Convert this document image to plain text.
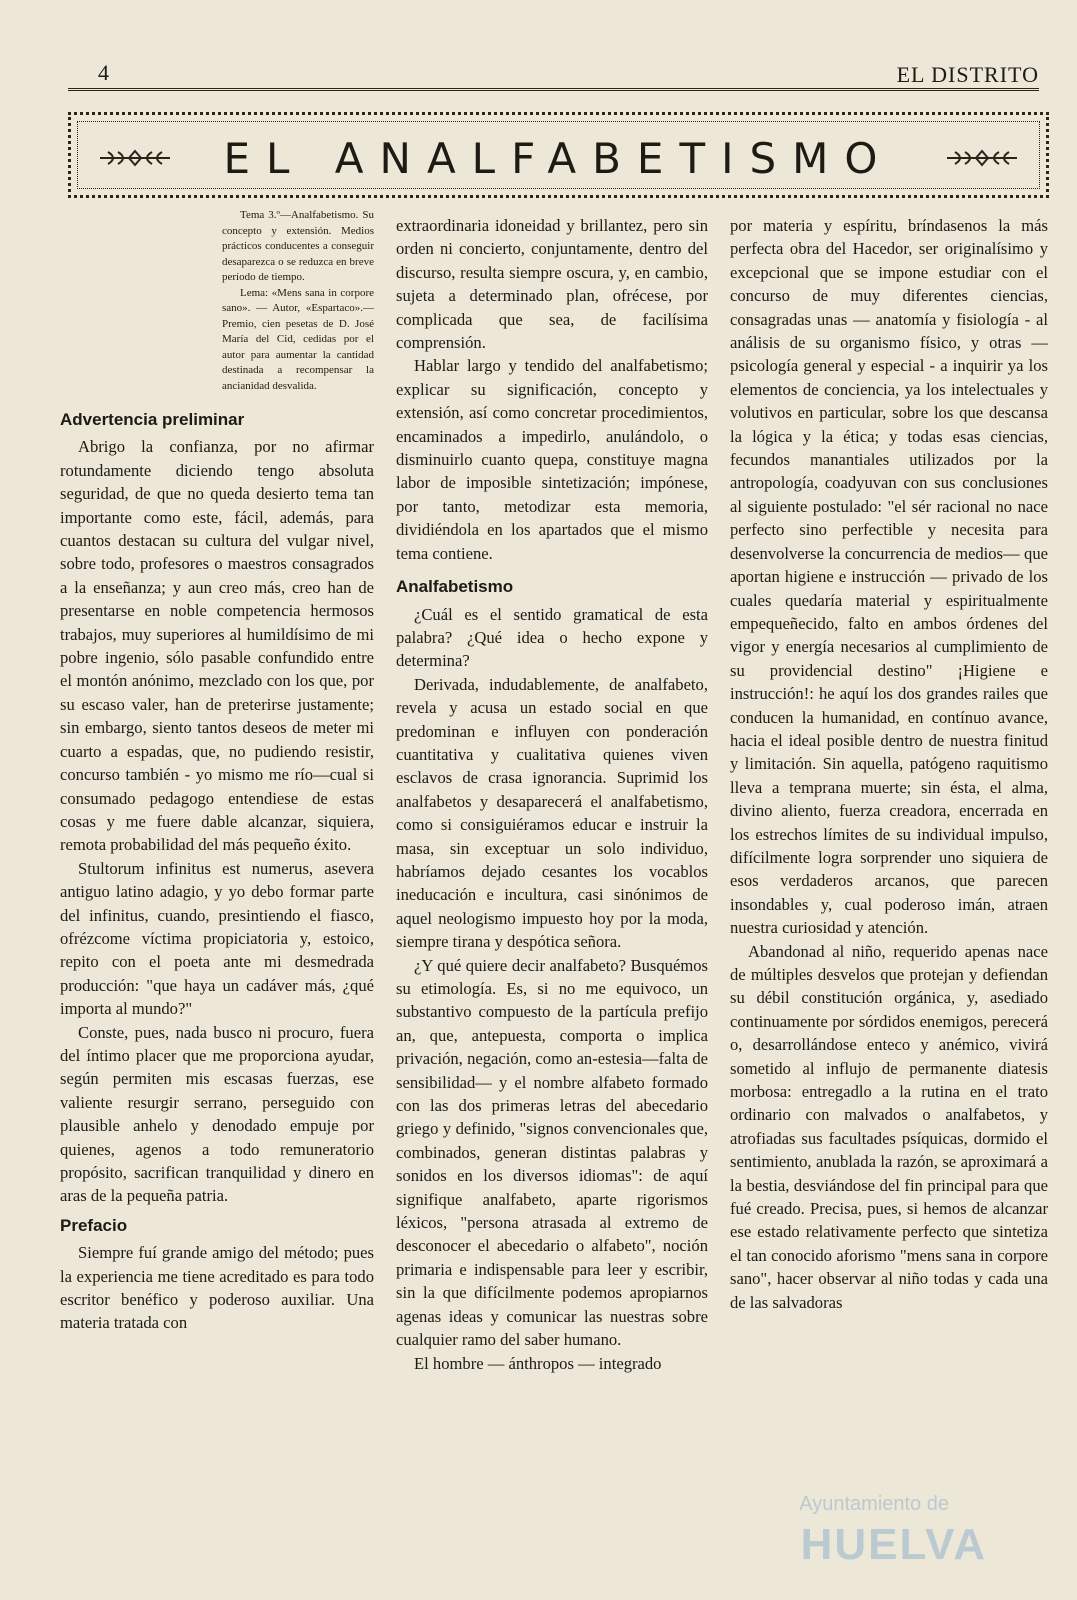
4	EL DISTRITO
EL ANALFABETISMO

Tema 3.º—Analfabetismo. Su concepto y extensión. Medios prácticos conducentes a conseguir desaparezca o se reduzca en breve período de tiempo.

Lema: «Mens sana in corpore sano». — Autor, «Espartaco».— Premio, cien pesetas de D. José María del Cid, cedidas por el autor para aumentar la cantidad destinada a recompensar la ancianidad desvalida.

Advertencia preliminar

Abrigo la confianza, por no afirmar rotundamente diciendo tengo absoluta seguridad, de que no queda desierto tema tan importante como este, fácil, además, para cuantos destacan su cultura del vulgar nivel, sobre todo, profesores o maestros consagrados a la enseñanza; y aun creo más, creo han de presentarse en noble competencia hermosos trabajos, muy superiores al humildísimo de mi pobre ingenio, sólo pasable confundido entre el montón anónimo, mezclado con los que, por su escaso valer, han de preterirse justamente; sin embargo, siento tantos deseos de meter mi cuarto a espadas, que, no pudiendo resistir, concurso también - yo mismo me río—cual si consumado pedagogo entendiese de estas cosas y me fuere dable alcanzar, siquiera, remota probabilidad del más pequeño éxito.

Stultorum infinitus est numerus, asevera antiguo latino adagio, y yo debo formar parte del infinitus, cuando, presintiendo el fiasco, ofrézcome víctima propiciatoria y, estoico, repito con el poeta ante mi desmedrada producción: "que haya un cadáver más, ¿qué importa al mundo?"

Conste, pues, nada busco ni procuro, fuera del íntimo placer que me proporciona ayudar, según permiten mis escasas fuerzas, ese valiente resurgir serrano, perseguido con plausible anhelo y denodado empuje por quienes, agenos a todo remuneratorio propósito, sacrifican tranquilidad y dinero en aras de la pequeña patria.

Prefacio

Siempre fuí grande amigo del método; pues la experiencia me tiene acreditado es para todo escritor benéfico y poderoso auxiliar. Una materia tratada con

extraordinaria idoneidad y brillantez, pero sin orden ni concierto, conjuntamente, dentro del discurso, resulta siempre oscura, y, en cambio, sujeta a determinado plan, ofrécese, por complicada que sea, de facilísima comprensión.

Hablar largo y tendido del analfabetismo; explicar su significación, concepto y extensión, así como concretar procedimientos, encaminados a impedirlo, anulándolo, o disminuirlo cuanto quepa, constituye magna labor de imposible sintetización; impónese, por tanto, metodizar esta memoria, dividiéndola en los apartados que el mismo tema contiene.

Analfabetismo

¿Cuál es el sentido gramatical de esta palabra? ¿Qué idea o hecho expone y determina?

Derivada, indudablemente, de analfabeto, revela y acusa un estado social en que predominan e influyen con ponderación cuantitativa y cualitativa quienes viven esclavos de crasa ignorancia. Suprimid los analfabetos y desaparecerá el analfabetismo, como si consiguiéramos educar e instruir la masa, sin exceptuar un solo individuo, habríamos dejado cesantes los vocablos ineducación e incultura, casi sinónimos de aquel neologismo impuesto hoy por la moda, siempre tirana y despótica señora.

¿Y qué quiere decir analfabeto? Busquémos su etimología. Es, si no me equivoco, un substantivo compuesto de la partícula prefijo an, que, antepuesta, comporta o implica privación, negación, como an-estesia—falta de sensibilidad— y el nombre alfabeto formado con las dos primeras letras del abecedario griego y definido, "signos convencionales que, combinados, generan distintas palabras y sonidos en los diversos idiomas": de aquí signifique analfabeto, aparte rigorismos léxicos, "persona atrasada al extremo de desconocer el abecedario o alfabeto", noción primaria e indispensable para leer y escribir, sin la que difícilmente podemos apropiarnos agenas ideas y comunicar las nuestras sobre cualquier ramo del saber humano.

El hombre — ánthropos — integrado

por materia y espíritu, bríndasenos la más perfecta obra del Hacedor, ser originalísimo y excepcional que se impone estudiar con el concurso de muy diferentes ciencias, consagradas unas — anatomía y fisiología - al análisis de su organismo físico, y otras — psicología general y especial - a inquirir ya los elementos de conciencia, ya los intelectuales y volutivos en particular, sobre los que descansa la lógica y la ética; y todas esas ciencias, fecundos manantiales utilizados por la antropología, coadyuvan con sus conclusiones al siguiente postulado: "el sér racional no nace perfecto sino perfectible y necesita para desenvolverse la concurrencia de medios— que aportan higiene e instrucción — privado de los cuales quedaría material y espiritualmente empequeñecido, falto en ambos órdenes del vigor y energía necesarios al cumplimiento de su providencial destino" ¡Higiene e instrucción!: he aquí los dos grandes railes que conducen la humanidad, en contínuo avance, hacia el ideal posible dentro de nuestra finitud y limitación. Sin aquella, patógeno raquitismo lleva a temprana muerte; sin ésta, el alma, divino aliento, fuerza creadora, encerrada en los estrechos límites de su individual impulso, difícilmente logra sorprender uno siquiera de esos verdaderos arcanos, que parecen insondables y, cual poderoso imán, atraen nuestra curiosidad y atención.

Abandonad al niño, requerido apenas nace de múltiples desvelos que protejan y defiendan su débil constitución orgánica, y, asediado continuamente por sórdidos enemigos, perecerá o, desarrollándose enteco y anémico, vivirá sometido al influjo de permanente diatesis morbosa: entregadlo a la rutina en el trato ordinario con malvados o analfabetos, y atrofiadas sus facultades psíquicas, dormido el sentimiento, anublada la razón, se aproximará a la bestia, desviándose del fin principal para que fué creado. Precisa, pues, si hemos de alcanzar ese estado relativamente perfecto que sintetiza el tan conocido aforismo "mens sana in corpore sano", hacer observar al niño todas y cada una de las salvadoras

Ayuntamiento de
HUELVA
